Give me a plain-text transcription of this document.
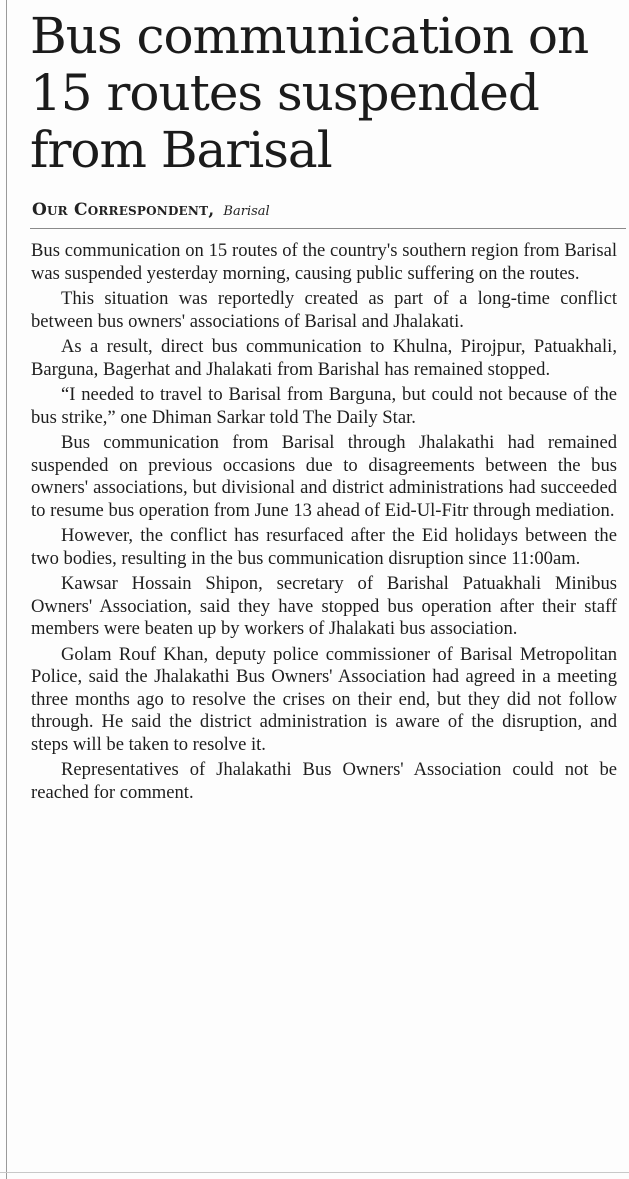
Bus communication on 15 routes suspended from Barisal
Our Correspondent, Barisal

Bus communication on 15 routes of the country's southern region from Barisal was suspended yesterday morning, causing public suffering on the routes.

This situation was reportedly created as part of a long-time conflict between bus owners' associations of Barisal and Jhalakati.

As a result, direct bus communication to Khulna, Pirojpur, Patuakhali, Barguna, Bagerhat and Jhalakati from Barishal has remained stopped.

“I needed to travel to Barisal from Barguna, but could not because of the bus strike,” one Dhiman Sarkar told The Daily Star.

Bus communication from Barisal through Jhalakathi had remained suspended on previous occasions due to disagreements between the bus owners' associations, but divisional and district administrations had succeeded to resume bus operation from June 13 ahead of Eid-Ul-Fitr through mediation.

However, the conflict has resurfaced after the Eid holidays between the two bodies, resulting in the bus communication disruption since 11:00am.

Kawsar Hossain Shipon, secretary of Barishal Patuakhali Minibus Owners' Association, said they have stopped bus operation after their staff members were beaten up by workers of Jhalakati bus association.

Golam Rouf Khan, deputy police commissioner of Barisal Metropolitan Police, said the Jhalakathi Bus Owners' Association had agreed in a meeting three months ago to resolve the crises on their end, but they did not follow through. He said the district administration is aware of the disruption, and steps will be taken to resolve it.

Representatives of Jhalakathi Bus Owners' Association could not be reached for comment.
